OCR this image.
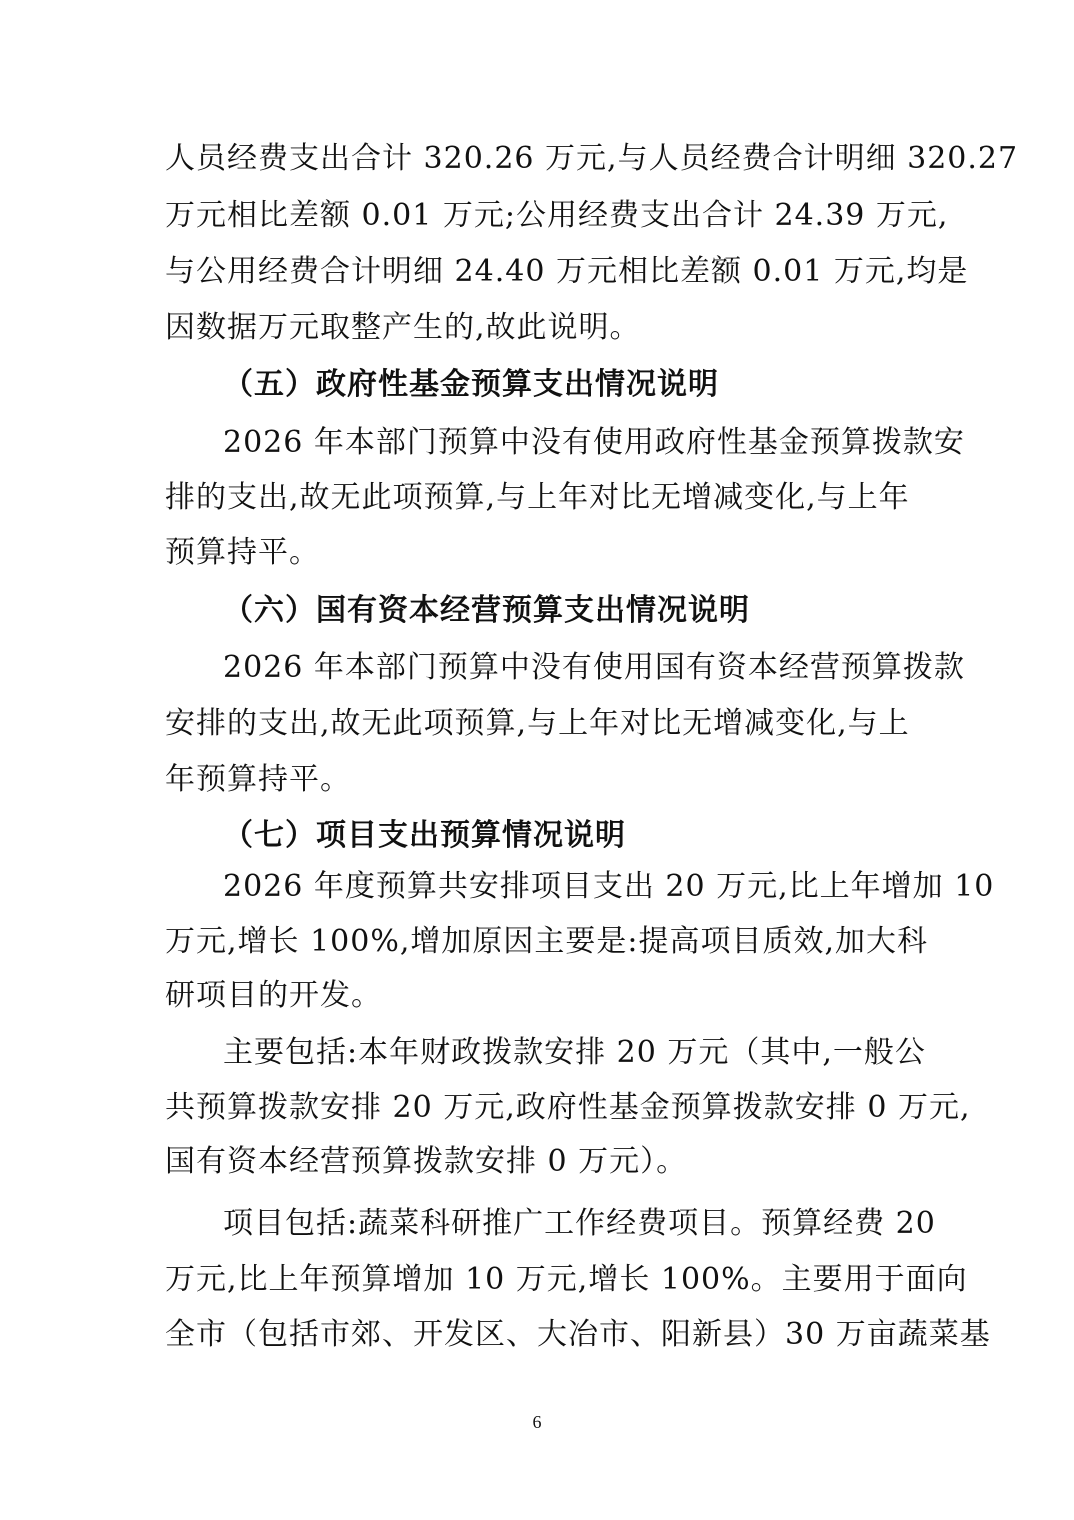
人员经费支出合计 320.26 万元,与人员经费合计明细 320.27
万元相比差额 0.01 万元;公用经费支出合计 24.39 万元,
与公用经费合计明细 24.40 万元相比差额 0.01 万元,均是
因数据万元取整产生的,故此说明。
（五）政府性基金预算支出情况说明
2026 年本部门预算中没有使用政府性基金预算拨款安
排的支出,故无此项预算,与上年对比无增减变化,与上年
预算持平。
（六）国有资本经营预算支出情况说明
2026 年本部门预算中没有使用国有资本经营预算拨款
安排的支出,故无此项预算,与上年对比无增减变化,与上
年预算持平。
（七）项目支出预算情况说明
2026 年度预算共安排项目支出 20 万元,比上年增加 10
万元,增长 100%,增加原因主要是:提高项目质效,加大科
研项目的开发。
主要包括:本年财政拨款安排 20 万元（其中,一般公
共预算拨款安排 20 万元,政府性基金预算拨款安排 0 万元,
国有资本经营预算拨款安排 0 万元）。
项目包括:蔬菜科研推广工作经费项目。预算经费 20
万元,比上年预算增加 10 万元,增长 100%。主要用于面向
全市（包括市郊、开发区、大冶市、阳新县）30 万亩蔬菜基
6
